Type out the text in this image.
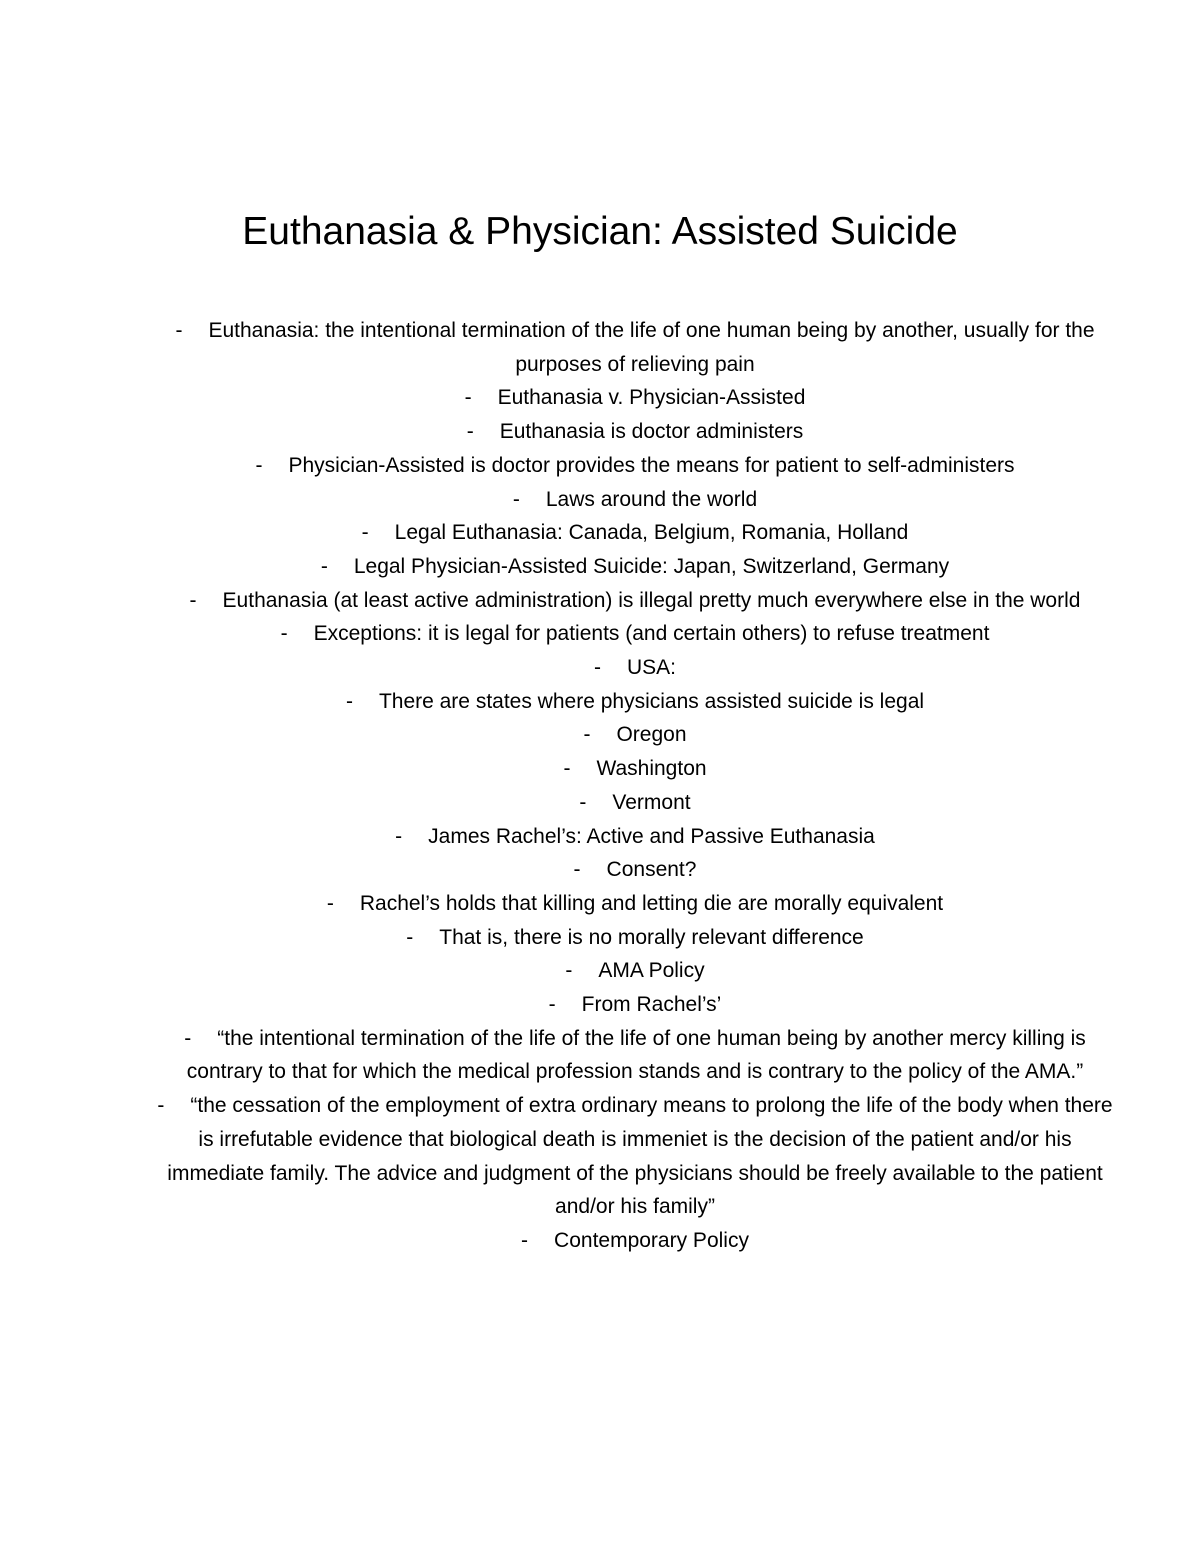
Euthanasia & Physician: Assisted Suicide
- Euthanasia: the intentional termination of the life of one human being by another, usually for the purposes of relieving pain
- Euthanasia v. Physician-Assisted
- Euthanasia is doctor administers
- Physician-Assisted is doctor provides the means for patient to self-administers
- Laws around the world
- Legal Euthanasia: Canada, Belgium, Romania, Holland
- Legal Physician-Assisted Suicide: Japan, Switzerland, Germany
- Euthanasia (at least active administration) is illegal pretty much everywhere else in the world
- Exceptions: it is legal for patients (and certain others) to refuse treatment
- USA:
- There are states where physicians assisted suicide is legal
- Oregon
- Washington
- Vermont
- James Rachel’s: Active and Passive Euthanasia
- Consent?
- Rachel’s holds that killing and letting die are morally equivalent
- That is, there is no morally relevant difference
- AMA Policy
- From Rachel’s’
- “the intentional termination of the life of the life of one human being by another mercy killing is contrary to that for which the medical profession stands and is contrary to the policy of the AMA.”
- “the cessation of the employment of extra ordinary means to prolong the life of the body when there is irrefutable evidence that biological death is immeniet is the decision of the patient and/or his immediate family. The advice and judgment of the physicians should be freely available to the patient and/or his family”
- Contemporary Policy
